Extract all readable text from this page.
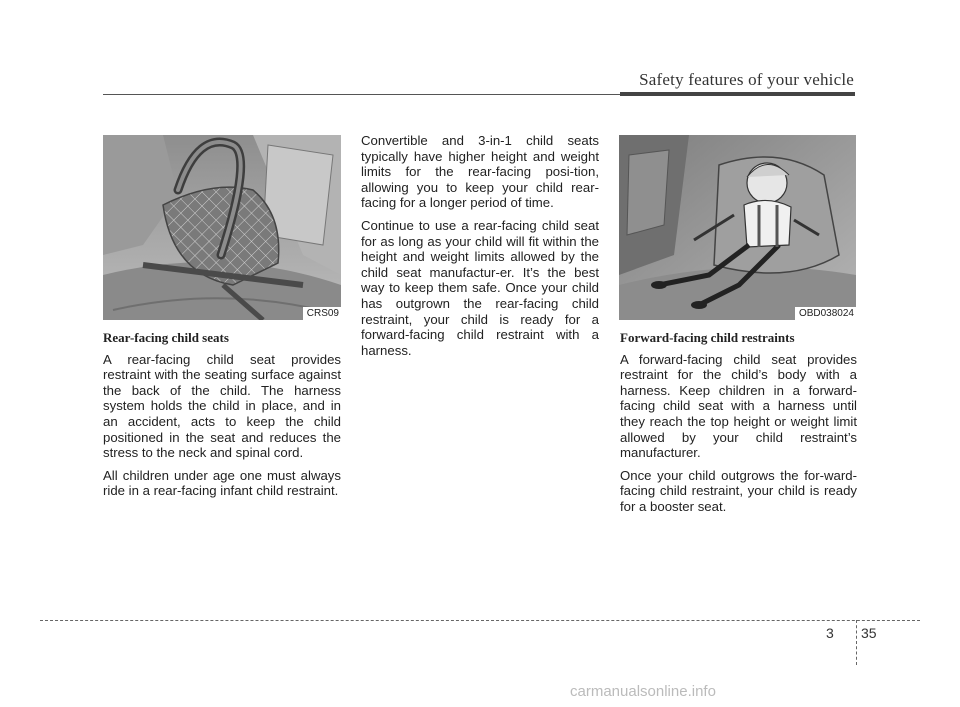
Safety features of your vehicle
CRS09	OBD038024

Rear-facing child seats

A rear-facing child seat provides restraint with the seating surface against the back of the child. The harness system holds the child in place, and in an accident, acts to keep the child positioned in the seat and reduces the stress to the neck and spinal cord.

All children under age one must always ride in a rear-facing infant child restraint.

Convertible and 3-in-1 child seats typically have higher height and weight limits for the rear-facing posi-tion, allowing you to keep your child rear-facing for a longer period of time.

Continue to use a rear-facing child seat for as long as your child will fit within the height and weight limits allowed by the child seat manufactur-er. It’s the best way to keep them safe. Once your child has outgrown the rear-facing child restraint, your child is ready for a forward-facing child restraint with a harness.

Forward-facing child restraints

A forward-facing child seat provides restraint for the child’s body with a harness. Keep children in a forward-facing child seat with a harness until they reach the top height or weight limit allowed by your child restraint’s manufacturer.

Once your child outgrows the for-ward-facing child restraint, your child is ready for a booster seat.

3 35
carmanualsonline.info
